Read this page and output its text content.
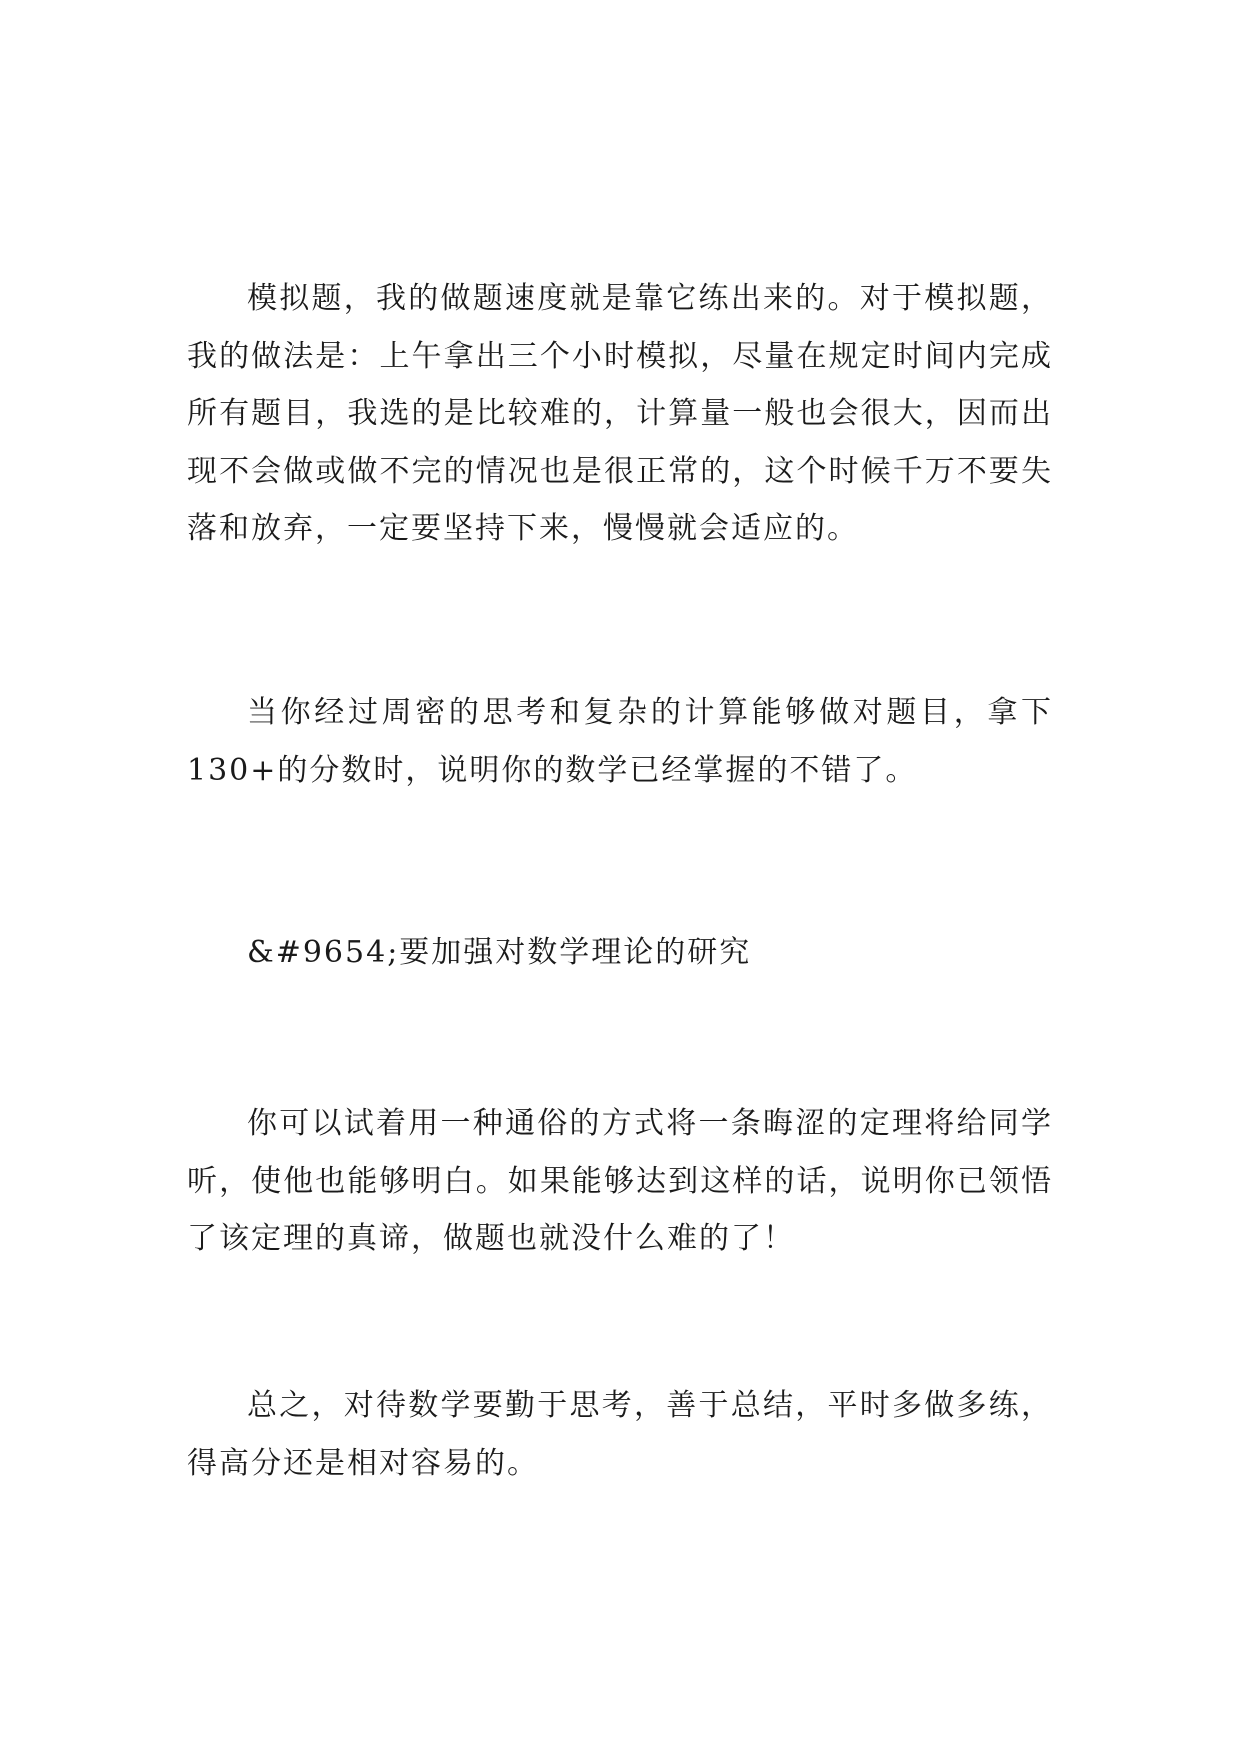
模拟题，我的做题速度就是靠它练出来的。对于模拟题，我的做法是：上午拿出三个小时模拟，尽量在规定时间内完成所有题目，我选的是比较难的，计算量一般也会很大，因而出现不会做或做不完的情况也是很正常的，这个时候千万不要失落和放弃，一定要坚持下来，慢慢就会适应的。

当你经过周密的思考和复杂的计算能够做对题目，拿下130+的分数时，说明你的数学已经掌握的不错了。

&#9654;要加强对数学理论的研究

你可以试着用一种通俗的方式将一条晦涩的定理将给同学听，使他也能够明白。如果能够达到这样的话，说明你已领悟了该定理的真谛，做题也就没什么难的了！

总之，对待数学要勤于思考，善于总结，平时多做多练，得高分还是相对容易的。
